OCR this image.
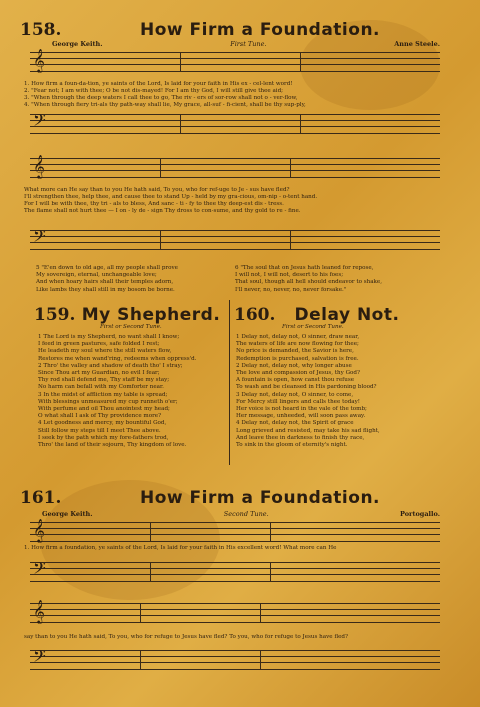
158.	How Firm a Foundation.
George Keith.	First Tune.	Anne Steele.
𝄞
1. How firm a foun-da-tion, ye saints of the Lord, Is laid for your faith in His ex - cel-lent word!
2. "Fear not; I am with thee; O be not dis-mayed! For I am thy God, I will still give thee aid;
3. "When through the deep waters I call thee to go, The riv - ers of sor-row shall not o - ver-flow,
4. "When through fiery tri-als thy path-way shall lie, My grace, all-suf - fi-cient, shall be thy sup-ply,
𝄢
𝄞
What more can He say than to you He hath said, To you, who for ref-uge to Je - sus have fled?
I'll strengthen thee, help thee, and cause thee to stand Up - held by my gra-cious, om-nip - o-tent hand.
For I will be with thee, thy tri - als to bless, And sanc - ti - fy to thee thy deep-est dis - tress.
The flame shall not hurt thee — I on - ly de - sign Thy dross to con-sume, and thy gold to re - fine.
𝄢
5 "E'en down to old age, all my people shall prove
My sovereign, eternal, unchangeable love;
And when hoary hairs shall their temples adorn,
Like lambs they shall still in my bosom be borne.
6 "The soul that on Jesus hath leaned for repose,
I will not, I will not, desert to his foes;
That soul, though all hell should endeavor to shake,
I'll never, no, never, no, never forsake."
159. My Shepherd.
First or Second Tune.
1 The Lord is my Shepherd, no want shall I know;
I feed in green pastures, safe folded I rest;
He leadeth my soul where the still waters flow,
Restores me when wand'ring, redeems when oppress'd.
2 Thro' the valley and shadow of death tho' I stray;
Since Thou art my Guardian, no evil I fear;
Thy rod shall defend me, Thy staff be my stay;
No harm can befall with my Comforter near.
3 In the midst of affliction my table is spread;
With blessings unmeasured my cup runneth o'er;
With perfume and oil Thou anointest my head;
O what shall I ask of Thy providence more?
4 Let goodness and mercy, my bountiful God,
Still follow my steps till I meet Thee above.
I seek by the path which my fore-fathers trod,
Thro' the land of their sojourn, Thy kingdom of love.
160.	Delay Not.
First or Second Tune.
1 Delay not, delay not, O sinner, draw near,
The waters of life are now flowing for thee;
No price is demanded, the Savior is here,
Redemption is purchased, salvation is free.
2 Delay not, delay not, why longer abuse
The love and compassion of Jesus, thy God?
A fountain is open, how canst thou refuse
To wash and be cleansed in His pardoning blood?
3 Delay not, delay not, O sinner, to come,
For Mercy still lingers and calls thee today!
Her voice is not heard in the vale of the tomb;
Her message, unheeded, will soon pass away.
4 Delay not, delay not, the Spirit of grace
Long grieved and resisted, may take his sad flight,
And leave thee in darkness to finish thy race,
To sink in the gloom of eternity's night.
161.	How Firm a Foundation.
George Keith.	Second Tune.	Portogallo.
𝄞
1. How firm a foundation, ye saints of the Lord, Is laid for your faith in His excellent word! What more can He
𝄢
𝄞
say than to you He hath said, To you, who for refuge to Jesus have fled? To you, who for refuge to Jesus have fled?
𝄢
